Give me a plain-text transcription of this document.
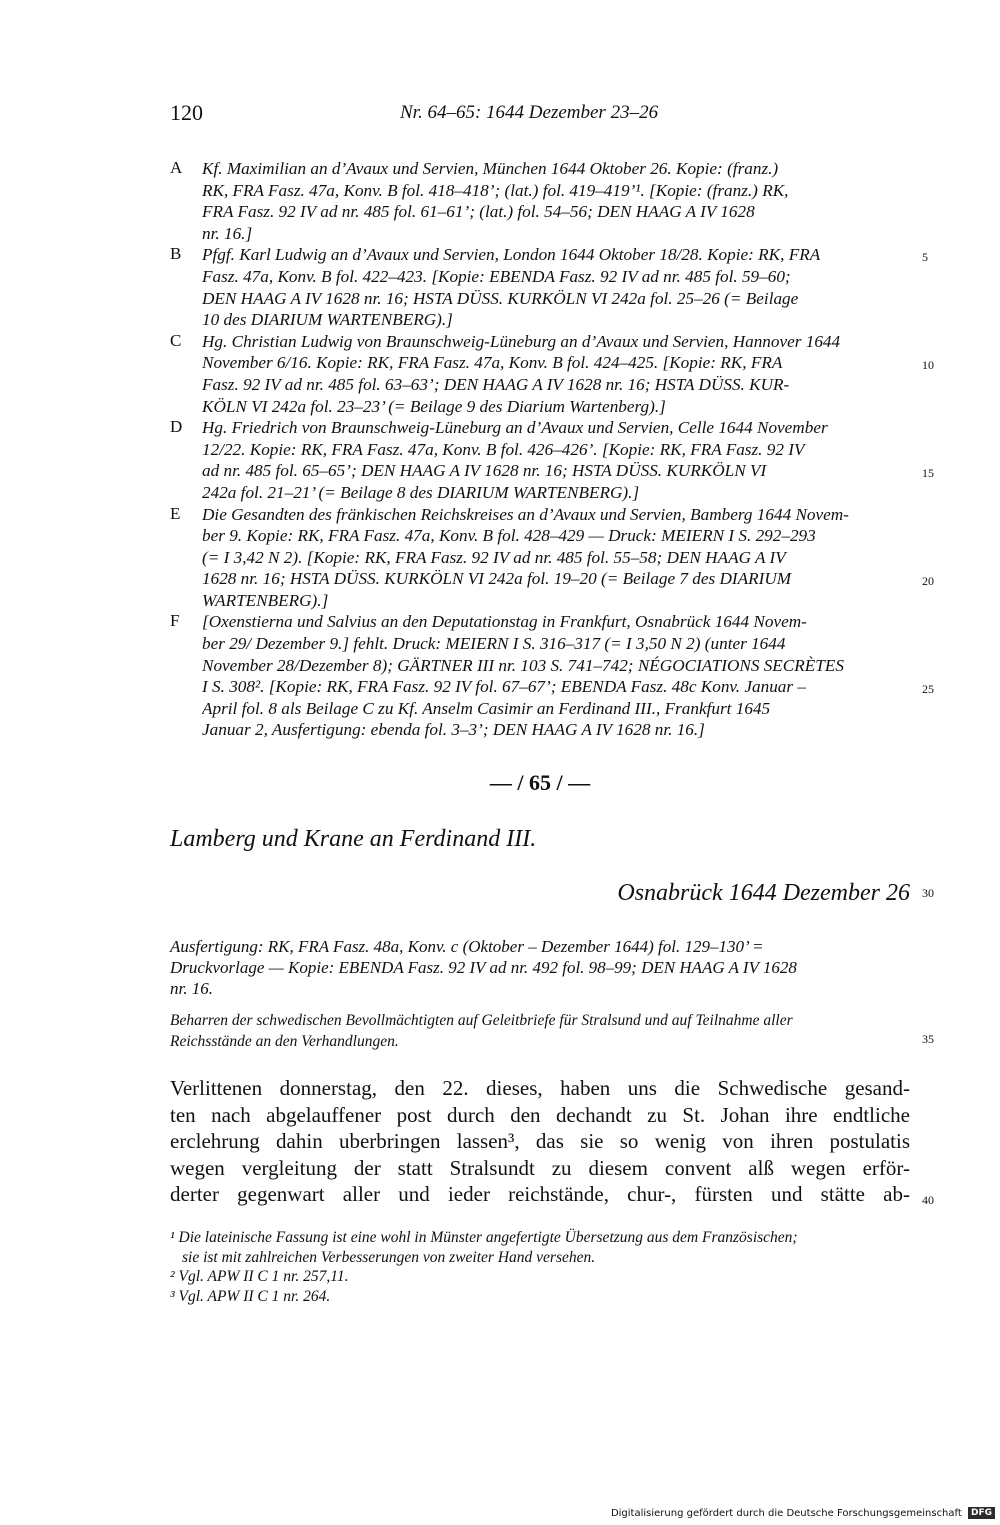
120	Nr. 64–65: 1644 Dezember 23–26
A Kf. Maximilian an d’Avaux und Servien, München 1644 Oktober 26. Kopie: (franz.)
RK, FRA Fasz. 47a, Konv. B fol. 418–418’; (lat.) fol. 419–419’¹. [Kopie: (franz.) RK,
FRA Fasz. 92 IV ad nr. 485 fol. 61–61’; (lat.) fol. 54–56; DEN HAAG A IV 1628
nr. 16.]
B Pfgf. Karl Ludwig an d’Avaux und Servien, London 1644 Oktober 18/28. Kopie: RK, FRA
Fasz. 47a, Konv. B fol. 422–423. [Kopie: EBENDA Fasz. 92 IV ad nr. 485 fol. 59–60;
DEN HAAG A IV 1628 nr. 16; HSTA DÜSS. KURKÖLN VI 242a fol. 25–26 (= Beilage
10 des DIARIUM WARTENBERG).]
C Hg. Christian Ludwig von Braunschweig-Lüneburg an d’Avaux und Servien, Hannover 1644
November 6/16. Kopie: RK, FRA Fasz. 47a, Konv. B fol. 424–425. [Kopie: RK, FRA
Fasz. 92 IV ad nr. 485 fol. 63–63’; DEN HAAG A IV 1628 nr. 16; HSTA DÜSS. KUR-
KÖLN VI 242a fol. 23–23’ (= Beilage 9 des Diarium Wartenberg).]
D Hg. Friedrich von Braunschweig-Lüneburg an d’Avaux und Servien, Celle 1644 November
12/22. Kopie: RK, FRA Fasz. 47a, Konv. B fol. 426–426’. [Kopie: RK, FRA Fasz. 92 IV
ad nr. 485 fol. 65–65’; DEN HAAG A IV 1628 nr. 16; HSTA DÜSS. KURKÖLN VI
242a fol. 21–21’ (= Beilage 8 des DIARIUM WARTENBERG).]
E Die Gesandten des fränkischen Reichskreises an d’Avaux und Servien, Bamberg 1644 Novem-
ber 9. Kopie: RK, FRA Fasz. 47a, Konv. B fol. 428–429 — Druck: MEIERN I S. 292–293
(= I 3,42 N 2). [Kopie: RK, FRA Fasz. 92 IV ad nr. 485 fol. 55–58; DEN HAAG A IV
1628 nr. 16; HSTA DÜSS. KURKÖLN VI 242a fol. 19–20 (= Beilage 7 des DIARIUM
WARTENBERG).]
F [Oxenstierna und Salvius an den Deputationstag in Frankfurt, Osnabrück 1644 Novem-
ber 29/ Dezember 9.] fehlt. Druck: MEIERN I S. 316–317 (= I 3,50 N 2) (unter 1644
November 28/Dezember 8); GÄRTNER III nr. 103 S. 741–742; NÉGOCIATIONS SECRÈTES
I S. 308². [Kopie: RK, FRA Fasz. 92 IV fol. 67–67’; EBENDA Fasz. 48c Konv. Januar –
April fol. 8 als Beilage C zu Kf. Anselm Casimir an Ferdinand III., Frankfurt 1645
Januar 2, Ausfertigung: ebenda fol. 3–3’; DEN HAAG A IV 1628 nr. 16.]
5
10
15
20
25
30
35
40
— / 65 / —
Lamberg und Krane an Ferdinand III.
Osnabrück 1644 Dezember 26
Ausfertigung: RK, FRA Fasz. 48a, Konv. c (Oktober – Dezember 1644) fol. 129–130’ =
Druckvorlage — Kopie: EBENDA Fasz. 92 IV ad nr. 492 fol. 98–99; DEN HAAG A IV 1628
nr. 16.
Beharren der schwedischen Bevollmächtigten auf Geleitbriefe für Stralsund und auf Teilnahme aller
Reichsstände an den Verhandlungen.
Verlittenen donnerstag, den 22. dieses, haben uns die Schwedische gesand-
ten nach abgelauffener post durch den dechandt zu St. Johan ihre endtliche
erclehrung dahin uberbringen lassen³, das sie so wenig von ihren postulatis
wegen vergleitung der statt Stralsundt zu diesem convent alß wegen erför-
derter gegenwart aller und ieder reichstände, chur-, fürsten und stätte ab-
¹ Die lateinische Fassung ist eine wohl in Münster angefertigte Übersetzung aus dem Französischen;
sie ist mit zahlreichen Verbesserungen von zweiter Hand versehen.
² Vgl. APW II C 1 nr. 257,11.
³ Vgl. APW II C 1 nr. 264.
Digitalisierung gefördert durch die Deutsche Forschungsgemeinschaft DFG
